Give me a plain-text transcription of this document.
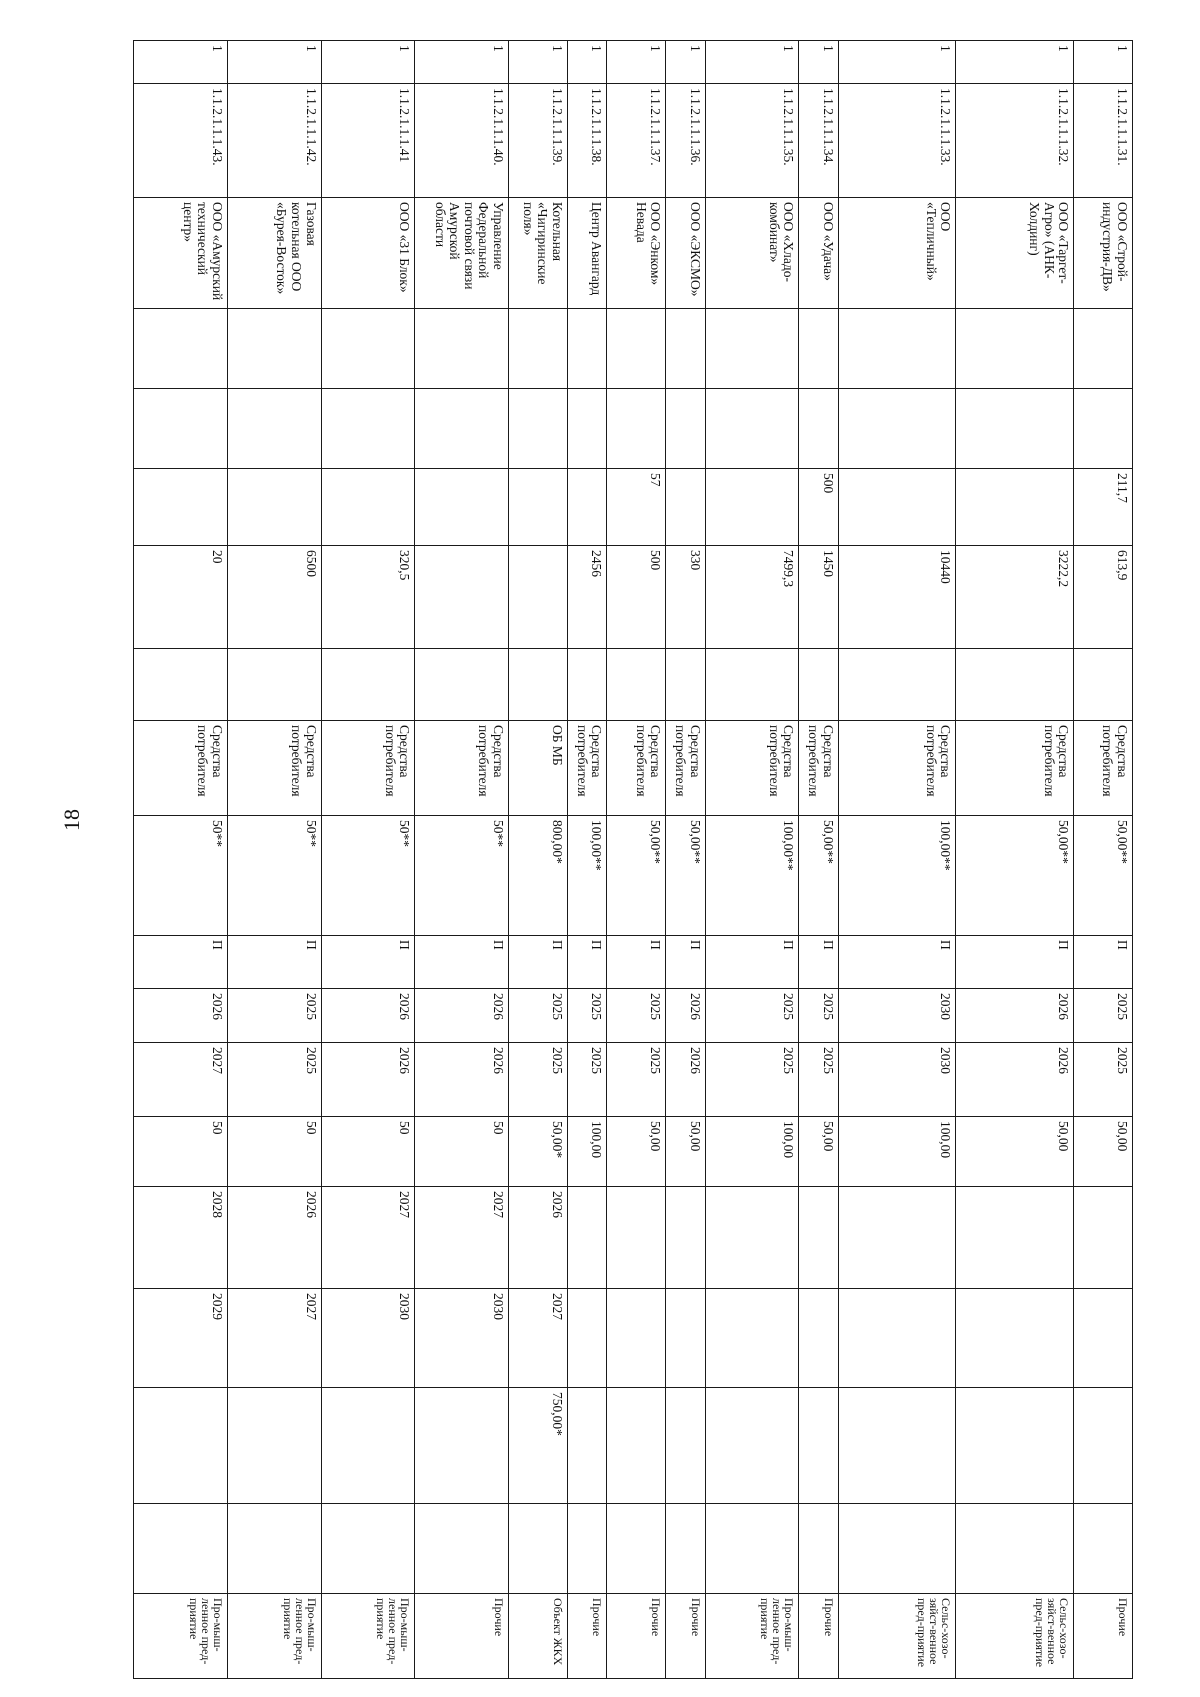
18
1	1.1.2.1.1.1.31.	ООО «Строй-индустрия-ДВ»			211,7	613,9		Средства потребителя	50,00**	П	2025	2025	50,00					Прочие
1	1.1.2.1.1.1.32.	ООО «Таргет-Агро» (АНК-Холдинг)				3222,2		Средства потребителя	50,00**	П	2026	2026	50,00					Сельс-хозо-зяйст-венное пред-приятие
1	1.1.2.1.1.1.33.	ООО «Тепличный»				10440		Средства потребителя	100,00**	П	2030	2030	100,00					Сельс-хозо-зяйст-венное пред-приятие
1	1.1.2.1.1.1.34.	ООО «Удача»			500	1450		Средства потребителя	50,00**	П	2025	2025	50,00					Прочие
1	1.1.2.1.1.1.35.	ООО «Хладо-комбинат»				7499,3		Средства потребителя	100,00**	П	2025	2025	100,00					Про-мыш-ленное пред-приятие
1	1.1.2.1.1.1.36.	ООО «ЭКСМО»				330		Средства потребителя	50,00**	П	2026	2026	50,00					Прочие
1	1.1.2.1.1.1.37.	ООО «Энком» Невада			57	500		Средства потребителя	50,00**	П	2025	2025	50,00					Прочие
1	1.1.2.1.1.1.38.	Центр Авангард				2456		Средства потребителя	100,00**	П	2025	2025	100,00					Прочие
1	1.1.2.1.1.1.39.	Котельная «Чигиринские поля»						ОБ МБ	800,00*	П	2025	2025	50,00*	2026	2027	750,00*		Объект ЖКХ
1	1.1.2.1.1.1.40.	Управление Федеральной почтовой связи Амурской области						Средства потребителя	50**	П	2026	2026	50	2027	2030			Прочие
1	1.1.2.1.1.1.41	ООО «31 Блок»				320,5		Средства потребителя	50**	П	2026	2026	50	2027	2030			Про-мыш-ленное пред-приятие
1	1.1.2.1.1.1.42.	Газовая котельная ООО «Бурея-Восток»				6500		Средства потребителя	50**	П	2025	2025	50	2026	2027			Про-мыш-ленное пред-приятие
1	1.1.2.1.1.1.43.	ООО «Амурский технический центр»				20		Средства потребителя	50**	П	2026	2027	50	2028	2029			Про-мыш-ленное пред-приятие
